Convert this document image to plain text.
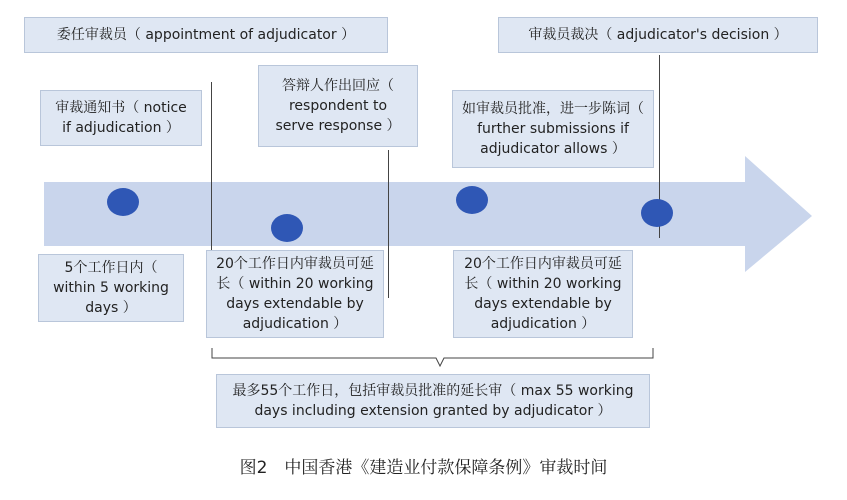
委任审裁员（ appointment of adjudicator ）	审裁员裁决（ adjudicator's decision ）
审裁通知书（ notice if adjudication ）
答辩人作出回应（ respondent to serve response ）
如审裁员批准，进一步陈词（ further submissions if adjudicator allows ）
5个工作日内（ within 5 working days ）
20个工作日内审裁员可延长（ within 20 working days extendable by adjudication ）
20个工作日内审裁员可延长（ within 20 working days extendable by adjudication ）
最多55个工作日，包括审裁员批准的延长审（ max 55 working days including extension granted by adjudicator ）
图2　中国香港《建造业付款保障条例》审裁时间
